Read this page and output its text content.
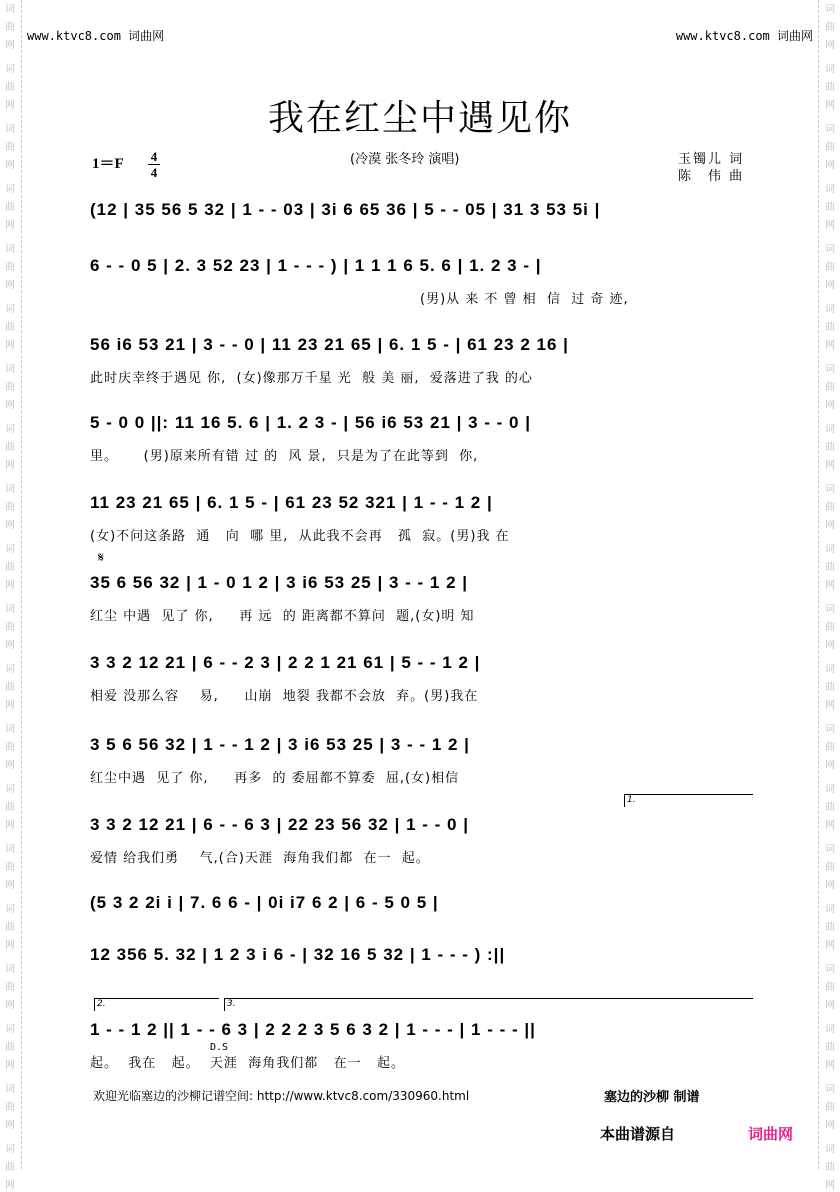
词
曲
网
词
曲
网
词
曲
网
词
曲
网
词
曲
网
词
曲
网
词
曲
网
词
曲
网
词
曲
网
词
曲
网
词
曲
网
词
曲
网
词
曲
网
词
曲
网
词
曲
网
词
曲
网
词
曲
网
词
曲
网
词
曲
网
词
曲
网
词
曲
网
词
曲
网
词
曲
网
词
曲
网
词
曲
网
词
曲
网
词
曲
网
词
曲
网
词
曲
网
词
曲
网
词
曲
网
词
曲
网
词
曲
网
词
曲
网
词
曲
网
词
曲
网
词
曲
网
词
曲
网
词
曲
网
词
曲
网
www.ktvc8.com 词曲网	www.ktvc8.com 词曲网
我在红尘中遇见你
1＝F 4
4
(冷漠 张冬玲 演唱)	玉镯儿 词
陈　伟 曲
(12 | 35 56 5 32 | 1 - - 03 | 3i 6 65 36 | 5 - - 05 | 31 3 53 5i |
6 - - 0 5 | 2. 3 52 23 | 1 - - - ) | 1 1 1 6 5. 6 | 1. 2 3 - |
(男)从 来 不 曾 相  信  过 奇 迹,
56 i6 53 21 | 3 - - 0 | 11 23 21 65 | 6. 1 5 - | 61 23 2 16 |
此时庆幸终于遇见 你,  (女)像那万千星 光  般 美 丽,  爱落进了我 的心
5 - 0 0 ||: 11 16 5. 6 | 1. 2 3 - | 56 i6 53 21 | 3 - - 0 |
里。     (男)原来所有错 过 的  风 景,  只是为了在此等到  你,
11 23 21 65 | 6. 1 5 - | 61 23 52 321 | 1 - - 1 2 |
(女)不问这条路  通   向  哪 里,  从此我不会再   孤  寂。(男)我 在
35 6 56 32 | 1 - 0 1 2 | 3 i6 53 25 | 3 - - 1 2 |
红尘 中遇  见了 你,     再 远  的 距离都不算问  题,(女)明 知
3 3 2 12 21 | 6 - - 2 3 | 2 2 1 21 61 | 5 - - 1 2 |
相爱 没那么容    易,     山崩  地裂 我都不会放  弃。(男)我在
3 5 6 56 32 | 1 - - 1 2 | 3 i6 53 25 | 3 - - 1 2 |
红尘中遇  见了 你,     再多  的 委屈都不算委  屈,(女)相信
3 3 2 12 21 | 6 - - 6 3 | 22 23 56 32 | 1 - - 0 |
爱情 给我们勇    气,(合)天涯  海角我们都  在一  起。
(5 3 2 2i i | 7. 6 6 - | 0i i7 6 2 | 6 - 5 0 5 |
12 356 5. 32 | 1 2 3 i 6 - | 32 16 5 32 | 1 - - - ) :||
1 - - 1 2 || 1 - - 6 3 | 2 2 2 3 5 6 3 2 | 1 - - - | 1 - - - ||
起。  我在   起。  天涯  海角我们都   在一   起。
𝄋
1.
2.	3.
D.S
欢迎光临塞边的沙柳记谱空间: http://www.ktvc8.com/330960.html	塞边的沙柳 制谱
本曲谱源自	词曲网
